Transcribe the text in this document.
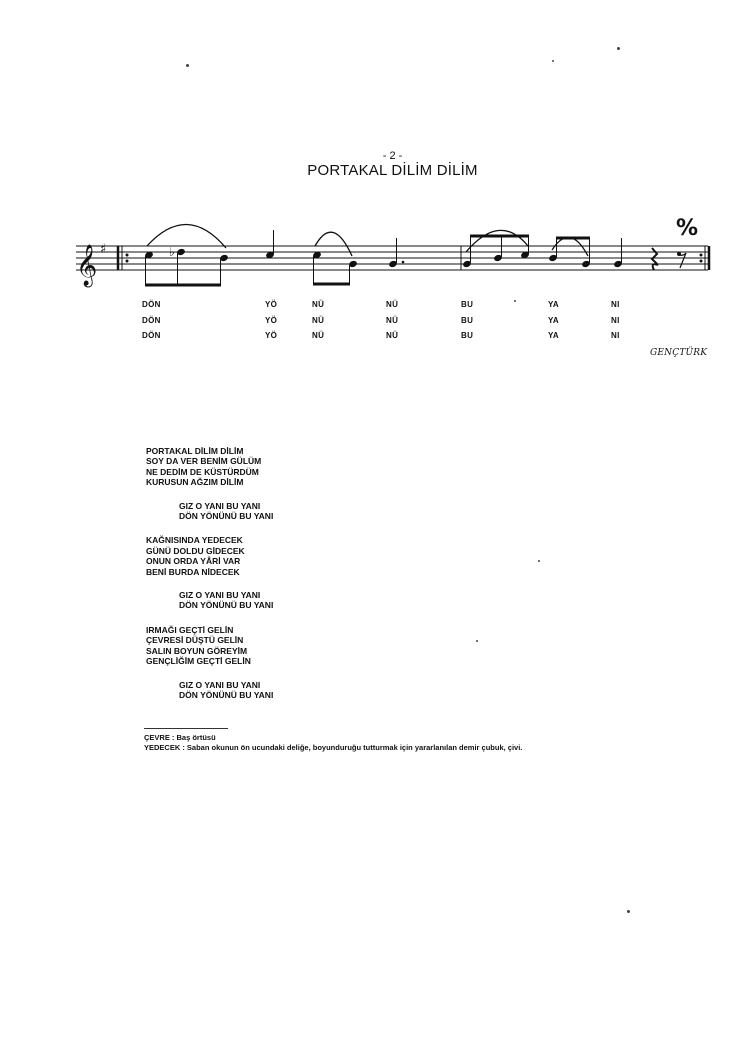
- 2 -
PORTAKAL DİLİM DİLİM
𝄞 ♯	♭
%
DÖN	YÖ	NÜ	NÜ	BU	YA	NI
DÖN	YÖ	NÜ	NÜ	BU	YA	NI
DÖN	YÖ	NÜ	NÜ	BU	YA	NI
GENÇTÜRK
PORTAKAL DİLİM DİLİM
SOY DA VER BENİM GÜLÜM
NE DEDİM DE KÜSTÜRDÜM
KURUSUN AĞZIM DİLİM
GIZ O YANI BU YANI
DÖN YÖNÜNÜ BU YANI
KAĞNISINDA YEDECEK
GÜNÜ DOLDU GİDECEK
ONUN ORDA YÂRİ VAR
BENİ BURDA NİDECEK
GIZ O YANI BU YANI
DÖN YÖNÜNÜ BU YANI
IRMAĞI GEÇTİ GELİN
ÇEVRESİ DÜŞTÜ GELİN
SALIN BOYUN GÖREYİM
GENÇLİĞİM GEÇTİ GELİN
GIZ O YANI BU YANI
DÖN YÖNÜNÜ BU YANI
ÇEVRE : Baş örtüsü
YEDECEK : Saban okunun ön ucundaki deliğe, boyunduruğu tutturmak için yararlanılan demir çubuk, çivi.
